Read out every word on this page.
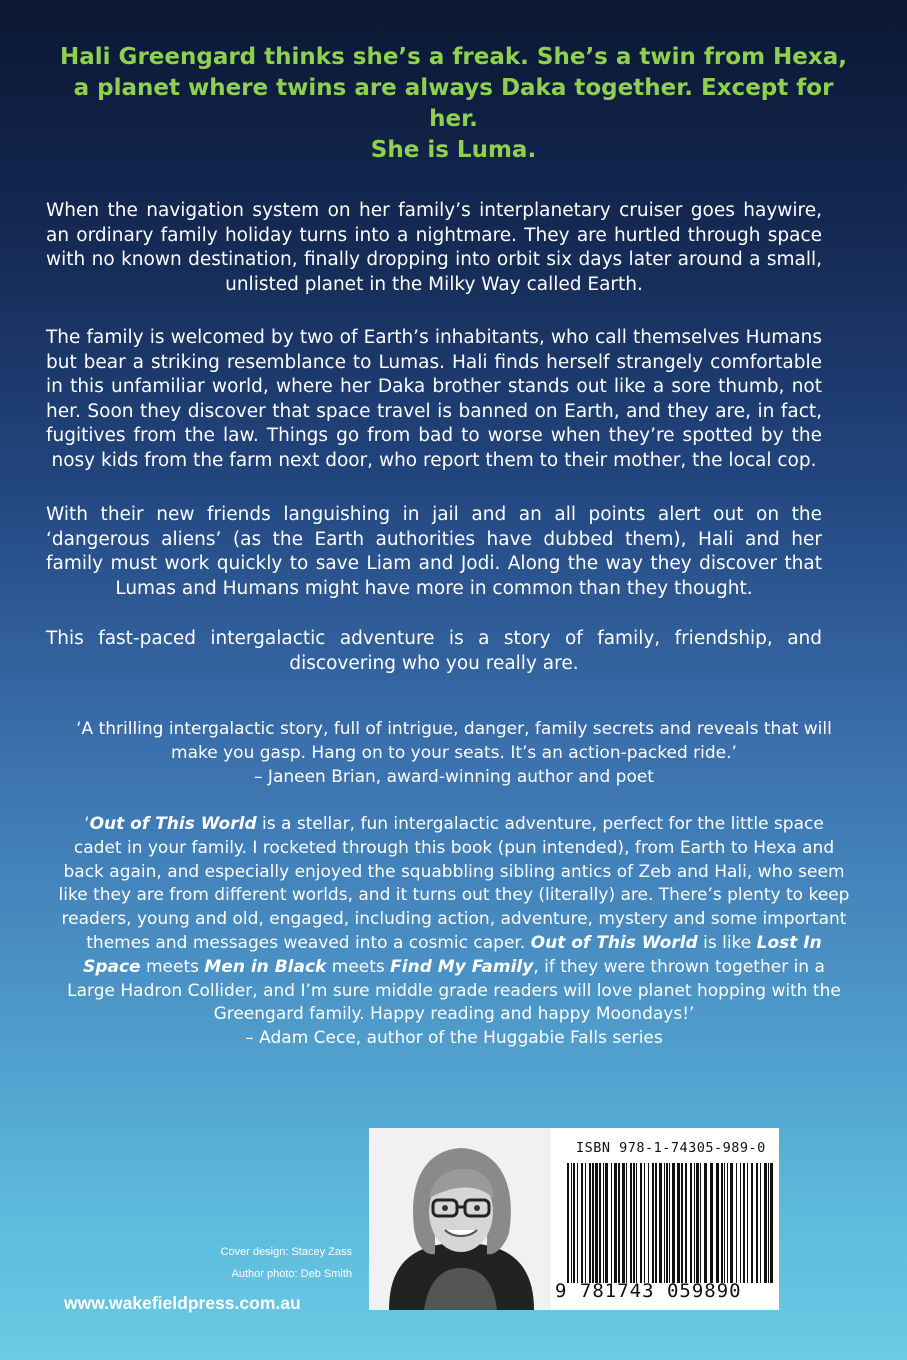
Hali Greengard thinks she’s a freak. She’s a twin from Hexa,
a planet where twins are always Daka together. Except for her.
She is Luma.

When the navigation system on her family’s interplanetary cruiser goes haywire, an ordinary family holiday turns into a nightmare. They are hurtled through space with no known destination, finally dropping into orbit six days later around a small, unlisted planet in the Milky Way called Earth.

The family is welcomed by two of Earth’s inhabitants, who call themselves Humans but bear a striking resemblance to Lumas. Hali finds herself strangely comfortable in this unfamiliar world, where her Daka brother stands out like a sore thumb, not her. Soon they discover that space travel is banned on Earth, and they are, in fact, fugitives from the law. Things go from bad to worse when they’re spotted by the nosy kids from the farm next door, who report them to their mother, the local cop.

With their new friends languishing in jail and an all points alert out on the ‘dangerous aliens’ (as the Earth authorities have dubbed them), Hali and her family must work quickly to save Liam and Jodi. Along the way they discover that Lumas and Humans might have more in common than they thought.

This fast-paced intergalactic adventure is a story of family, friendship, and discovering who you really are.

‘A thrilling intergalactic story, full of intrigue, danger, family secrets and reveals that will make you gasp. Hang on to your seats. It’s an action-packed ride.’
– Janeen Brian, award-winning author and poet
‘Out of This World is a stellar, fun intergalactic adventure, perfect for the little space cadet in your family. I rocketed through this book (pun intended), from Earth to Hexa and back again, and especially enjoyed the squabbling sibling antics of Zeb and Hali, who seem like they are from different worlds, and it turns out they (literally) are. There’s plenty to keep readers, young and old, engaged, including action, adventure, mystery and some important themes and messages weaved into a cosmic caper. Out of This World is like Lost In Space meets Men in Black meets Find My Family, if they were thrown together in a Large Hadron Collider, and I’m sure middle grade readers will love planet hopping with the Greengard family. Happy reading and happy Moondays!’
– Adam Cece, author of the Huggabie Falls series
Cover design: Stacey Zass
Author photo: Deb Smith
www.wakefieldpress.com.au
ISBN 978-1-74305-989-0
9 781743 059890
